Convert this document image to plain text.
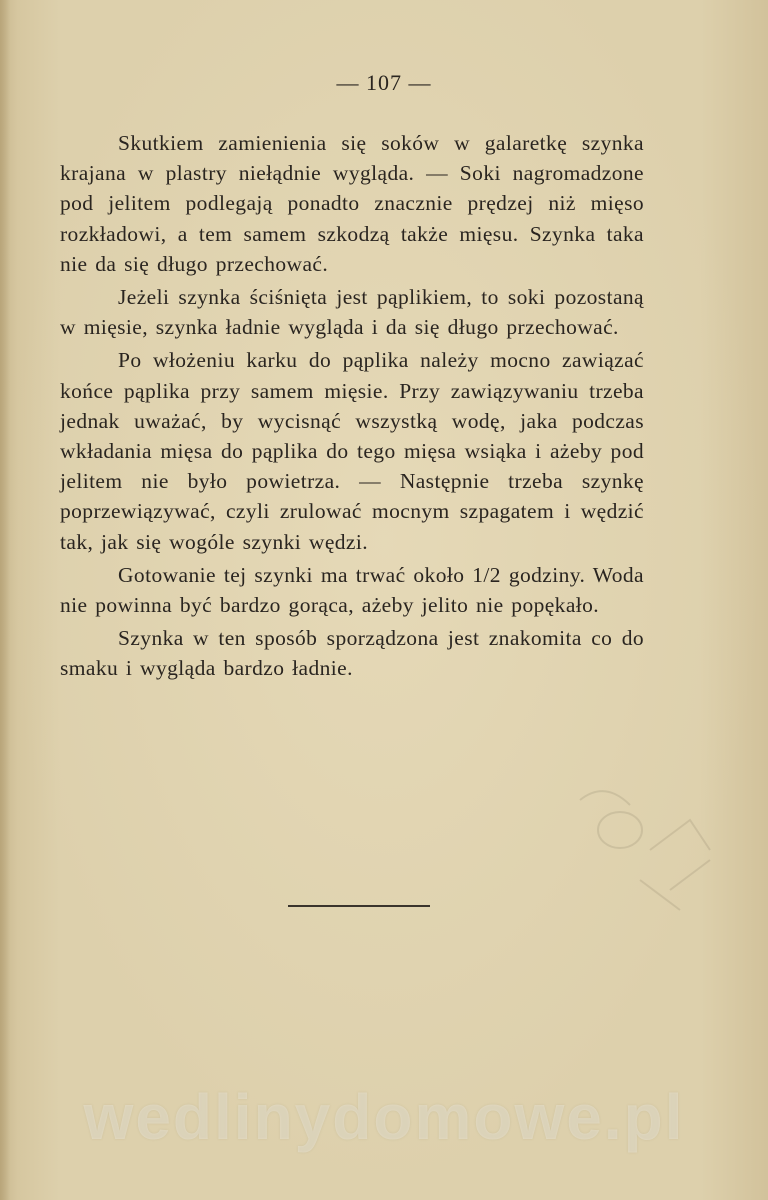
— 107 —

Skutkiem zamienienia się soków w galaretkę szynka krajana w plastry niełądnie wygląda. — Soki nagromadzone pod jelitem podlegają ponadto znacznie prędzej niż mięso rozkładowi, a tem samem szkodzą także mięsu. Szynka taka nie da się długo przechować.

Jeżeli szynka ściśnięta jest pąplikiem, to soki pozostaną w mięsie, szynka ładnie wygląda i da się długo przechować.

Po włożeniu karku do pąplika należy mocno zawiązać końce pąplika przy samem mięsie. Przy zawiązywaniu trzeba jednak uważać, by wycisnąć wszystką wodę, jaka podczas wkładania mięsa do pąplika do tego mięsa wsiąka i ażeby pod jelitem nie było powietrza. — Następnie trzeba szynkę poprzewiązywać, czyli zrulować mocnym szpagatem i wędzić tak, jak się wogóle szynki wędzi.

Gotowanie tej szynki ma trwać około 1/2 godziny. Woda nie powinna być bardzo gorąca, ażeby jelito nie popękało.

Szynka w ten sposób sporządzona jest znakomita co do smaku i wygląda bardzo ładnie.

wedlinydomowe.pl
